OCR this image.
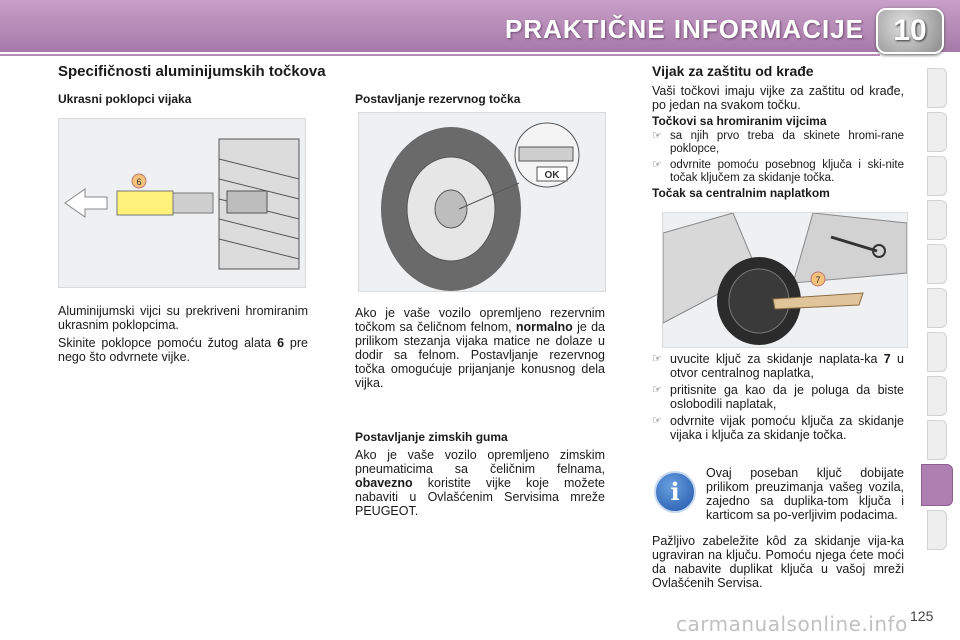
PRAKTIČNE INFORMACIJE 10
Specifičnosti aluminijumskih točkova
Ukrasni poklopci vijaka
6
Aluminijumski vijci su prekriveni hromiranim ukrasnim poklopcima.
Skinite poklopce pomoću žutog alata 6 pre nego što odvrnete vijke.
Postavljanje rezervnog točka
OK
Ako je vaše vozilo opremljeno rezervnim točkom sa čeličnom felnom, normalno je da prilikom stezanja vijaka matice ne dolaze u dodir sa felnom. Postavljanje rezervnog točka omogućuje prijanjanje konusnog dela vijka.
Postavljanje zimskih guma
Ako je vaše vozilo opremljeno zimskim pneumaticima sa čeličnim felnama, obavezno koristite vijke koje možete nabaviti u Ovlašćenim Servisima mreže PEUGEOT.
Vijak za zaštitu od krađe
Vaši točkovi imaju vijke za zaštitu od krađe, po jedan na svakom točku.
Točkovi sa hromiranim vijcima
☞ sa njih prvo treba da skinete hromi-rane poklopce,
☞ odvrnite pomoću posebnog ključa i ski-nite točak ključem za skidanje točka.
Točak sa centralnim naplatkom
7
☞ uvucite ključ za skidanje naplata-ka 7 u otvor centralnog naplatka,
☞ pritisnite ga kao da je poluga da biste oslobodili naplatak,
☞ odvrnite vijak pomoću ključa za skidanje vijaka i ključa za skidanje točka.
i
Ovaj poseban ključ dobijate prilikom preuzimanja vašeg vozila, zajedno sa duplika-tom ključa i karticom sa po-verljivim podacima.
Pažljivo zabeležite kôd za skidanje vija-ka ugraviran na ključu. Pomoću njega ćete moći da nabavite duplikat ključa u vašoj mreži Ovlašćenih Servisa.
carmanualsonline.info 125
